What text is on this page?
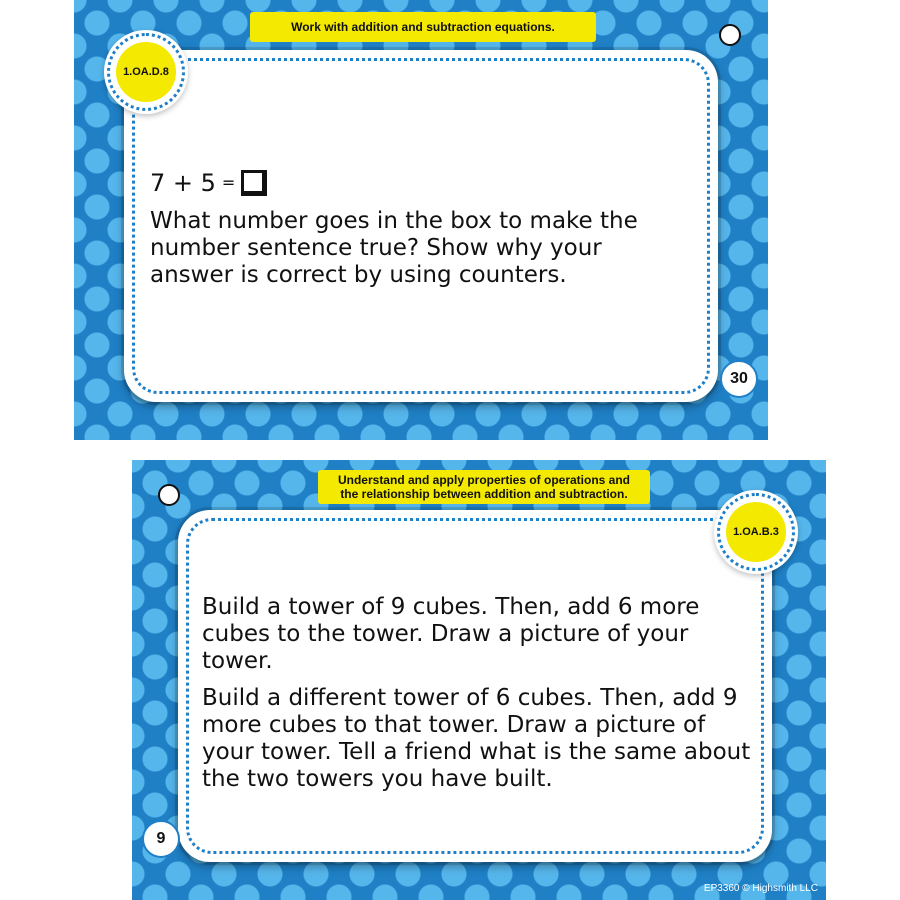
Work with addition and subtraction equations.
1.OA.D.8
7 + 5 =

What number goes in the box to make the number sentence true? Show why your answer is correct by using counters.

30
Understand and apply properties of operations and
the relationship between addition and subtraction.
1.OA.B.3

Build a tower of 9 cubes. Then, add 6 more cubes to the tower. Draw a picture of your tower.

Build a different tower of 6 cubes. Then, add 9 more cubes to that tower. Draw a picture of your tower. Tell a friend what is the same about the two towers you have built.

9
EP3360 © Highsmith LLC
